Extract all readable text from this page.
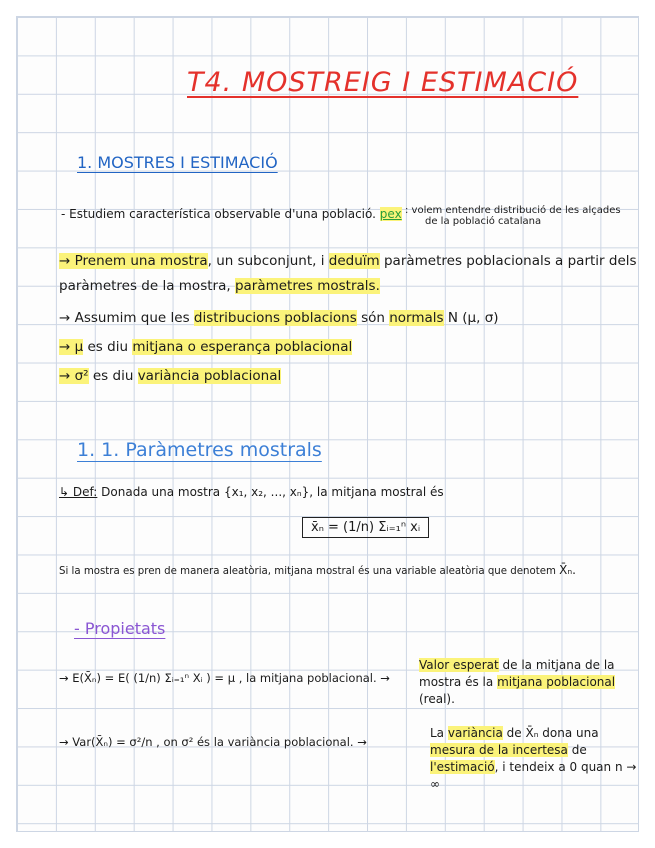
T4. MOSTREIG I ESTIMACIÓ
1. MOSTRES I ESTIMACIÓ
- Estudiem característica observable d'una població. pex : volem entendre distribució de les alçades
de la població catalana
→ Prenem una mostra, un subconjunt, i deduïm paràmetres poblacionals a partir dels
paràmetres de la mostra, paràmetres mostrals.
→ Assumim que les distribucions poblacions són normals N (μ, σ)
→ μ es diu mitjana o esperança poblacional
→ σ² es diu variància poblacional
1. 1. Paràmetres mostrals
↳ Def: Donada una mostra {x₁, x₂, ..., xₙ}, la mitjana mostral és
x̄ₙ = (1/n) Σᵢ₌₁ⁿ xᵢ
Si la mostra es pren de manera aleatòria, mitjana mostral és una variable aleatòria que denotem X̄ₙ.
- Propietats
→ E(X̄ₙ) = E( (1/n) Σᵢ₌₁ⁿ Xᵢ ) = μ , la mitjana poblacional. →
Valor esperat de la mitjana de la mostra és la mitjana poblacional (real).
→ Var(X̄ₙ) = σ²/n , on σ² és la variància poblacional. →
La variància de X̄ₙ dona una mesura de la incertesa de l'estimació, i tendeix a 0 quan n → ∞
